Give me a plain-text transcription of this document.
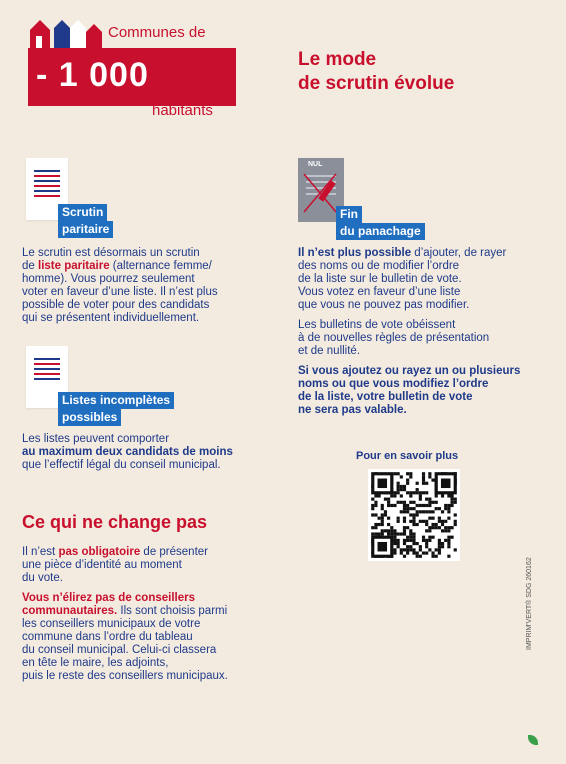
Communes de
- 1 000
habitants
Le mode
de scrutin évolue
Scrutin
paritaire
Le scrutin est désormais un scrutin
de liste paritaire (alternance femme/
homme). Vous pourrez seulement
voter en faveur d’une liste. Il n’est plus
possible de voter pour des candidats
qui se présentent individuellement.
Listes incomplètes
possibles
Les listes peuvent comporter
au maximum deux candidats de moins
que l’effectif légal du conseil municipal.
NUL
Fin
du panachage
Il n’est plus possible d’ajouter, de rayer
des noms ou de modifier l’ordre
de la liste sur le bulletin de vote.
Vous votez en faveur d’une liste
que vous ne pouvez pas modifier.
Les bulletins de vote obéissent
à de nouvelles règles de présentation
et de nullité.
Si vous ajoutez ou rayez un ou plusieurs
noms ou que vous modifiez l’ordre
de la liste, votre bulletin de vote
ne sera pas valable.
Pour en savoir plus
Ce qui ne change pas
Il n’est pas obligatoire de présenter
une pièce d’identité au moment
du vote.
Vous n’élirez pas de conseillers
communautaires. Ils sont choisis parmi
les conseillers municipaux de votre
commune dans l’ordre du tableau
du conseil municipal. Celui-ci classera
en tête le maire, les adjoints,
puis le reste des conseillers municipaux.
IMPRIM'VERT® SDG 260162
